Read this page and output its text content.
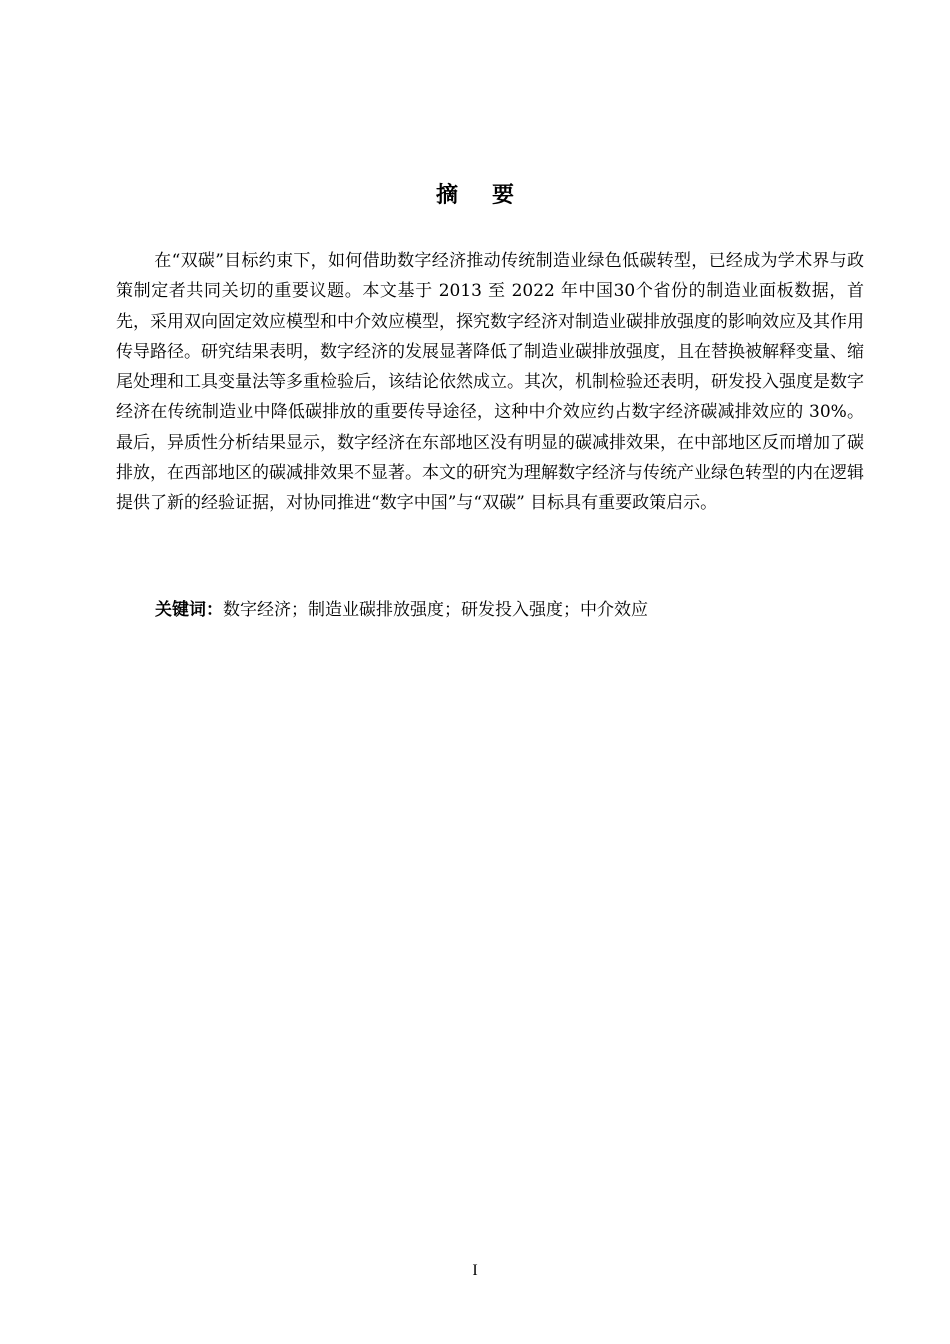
摘要

在“双碳”目标约束下，如何借助数字经济推动传统制造业绿色低碳转型，已经成为学术界与政策制定者共同关切的重要议题。本文基于 2013 至 2022 年中国30个省份的制造业面板数据，首先，采用双向固定效应模型和中介效应模型，探究数字经济对制造业碳排放强度的影响效应及其作用传导路径。研究结果表明，数字经济的发展显著降低了制造业碳排放强度，且在替换被解释变量、缩尾处理和工具变量法等多重检验后，该结论依然成立。其次，机制检验还表明，研发投入强度是数字经济在传统制造业中降低碳排放的重要传导途径，这种中介效应约占数字经济碳减排效应的 30%。最后，异质性分析结果显示，数字经济在东部地区没有明显的碳减排效果，在中部地区反而增加了碳排放，在西部地区的碳减排效果不显著。本文的研究为理解数字经济与传统产业绿色转型的内在逻辑提供了新的经验证据，对协同推进“数字中国”与“双碳” 目标具有重要政策启示。

关键词：数字经济；制造业碳排放强度；研发投入强度；中介效应

I
